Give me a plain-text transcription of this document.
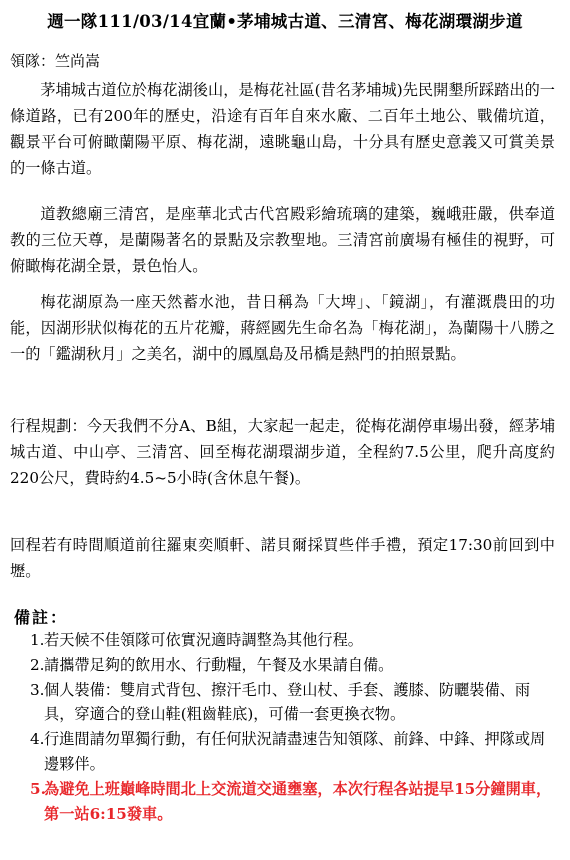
週一隊111/03/14宜蘭•茅埔城古道、三清宮、梅花湖環湖步道
領隊：竺尚嵩
茅埔城古道位於梅花湖後山，是梅花社區(昔名茅埔城)先民開墾所踩踏出的一條道路，已有200年的歷史，沿途有百年自來水廠、二百年土地公、戰備坑道，觀景平台可俯瞰蘭陽平原、梅花湖，遠眺龜山島，十分具有歷史意義又可賞美景的一條古道。
道教總廟三清宮，是座華北式古代宮殿彩繪琉璃的建築，巍峨莊嚴，供奉道教的三位天尊，是蘭陽著名的景點及宗教聖地。三清宮前廣場有極佳的視野，可俯瞰梅花湖全景，景色怡人。
梅花湖原為一座天然蓄水池，昔日稱為「大埤」、「鏡湖」，有灌溉農田的功能，因湖形狀似梅花的五片花瓣，蔣經國先生命名為「梅花湖」，為蘭陽十八勝之一的「鑑湖秋月」之美名，湖中的鳳凰島及吊橋是熱門的拍照景點。
行程規劃：今天我們不分A、B組，大家起一起走，從梅花湖停車場出發，經茅埔城古道、中山亭、三清宮、回至梅花湖環湖步道，全程約7.5公里，爬升高度約220公尺，費時約4.5~5小時(含休息午餐)。
回程若有時間順道前往羅東奕順軒、諾貝爾採買些伴手禮，預定17:30前回到中壢。
備註：
1. 若天候不佳領隊可依實況適時調整為其他行程。
2. 請攜帶足夠的飲用水、行動糧，午餐及水果請自備。
3. 個人裝備：雙肩式背包、擦汗毛巾、登山杖、手套、護膝、防曬裝備、雨具，穿適合的登山鞋(粗齒鞋底)，可備一套更換衣物。
4. 行進間請勿單獨行動，有任何狀況請盡速告知領隊、前鋒、中鋒、押隊或周邊夥伴。
5.
為避免上班巔峰時間北上交流道交通壅塞，本次行程各站提早15分鐘開車，第一站6:15發車。
